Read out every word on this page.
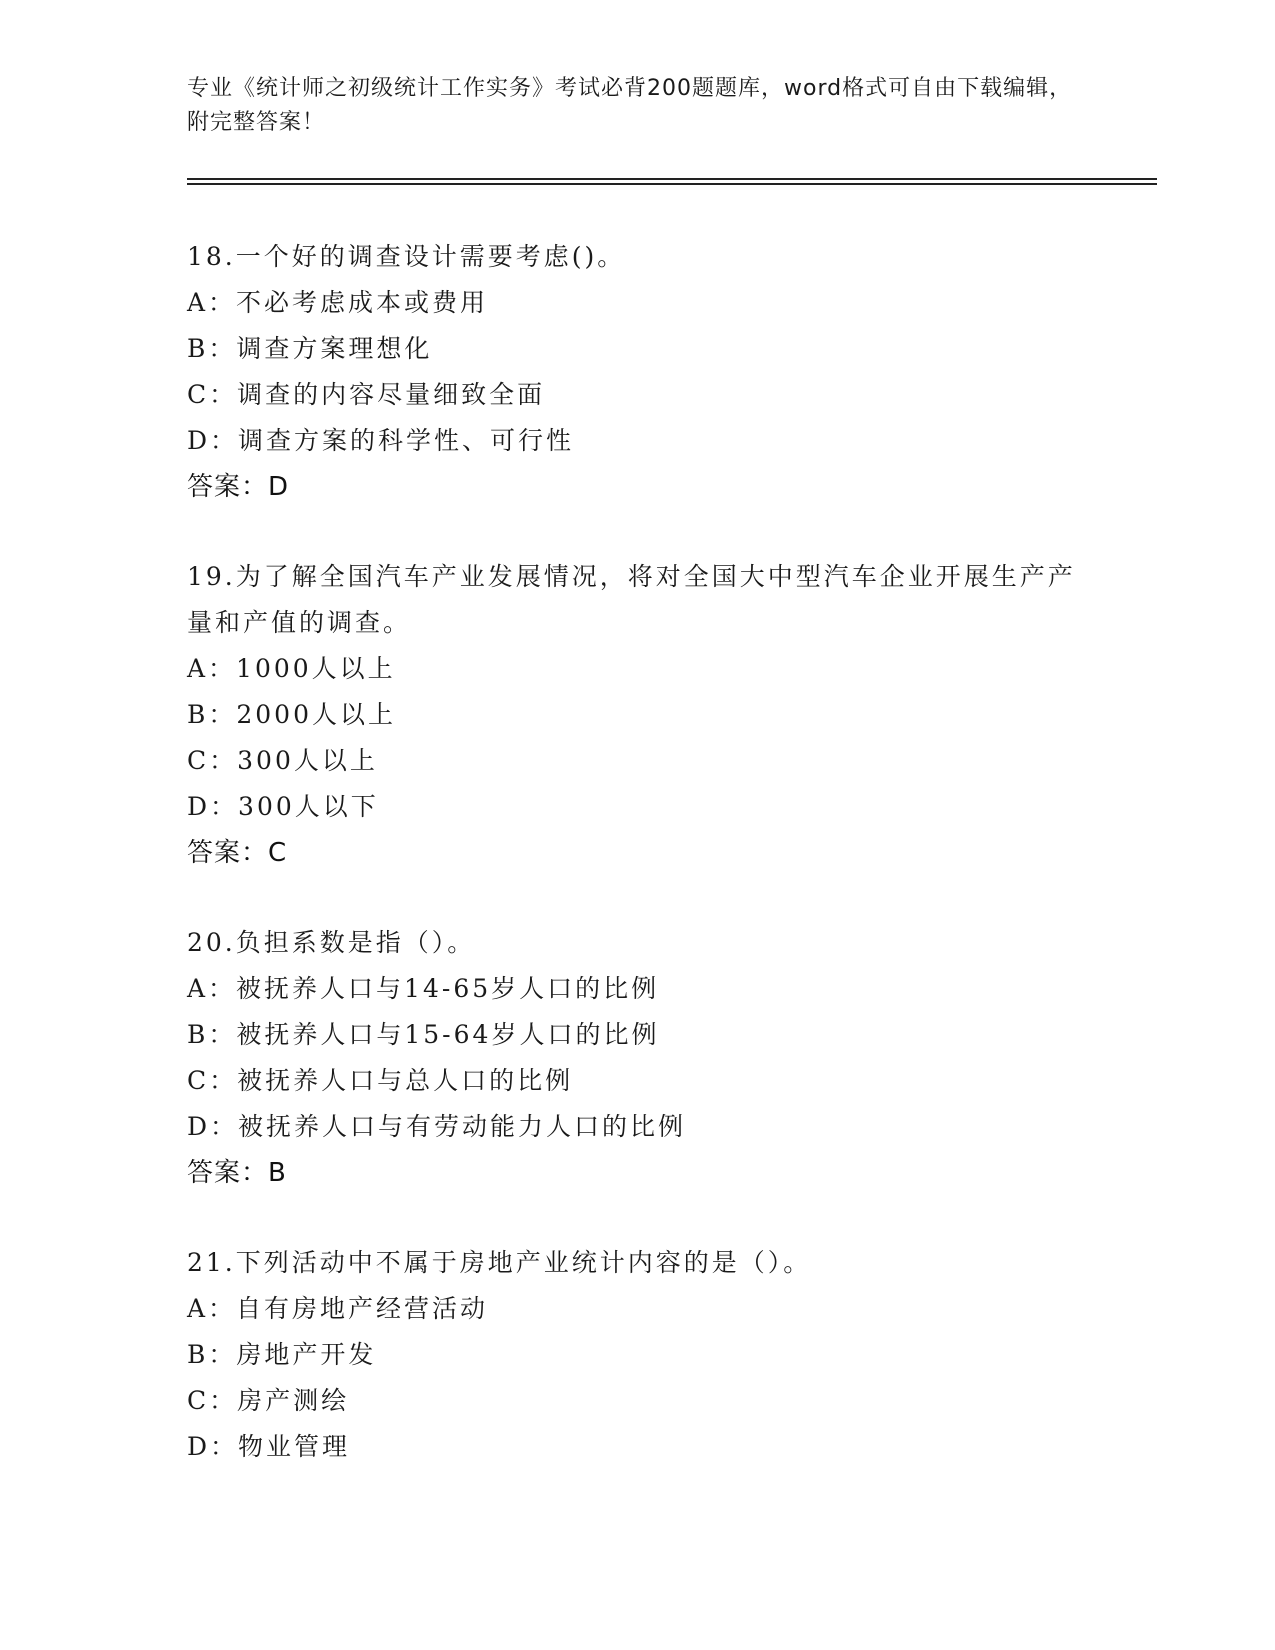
专业《统计师之初级统计工作实务》考试必背200题题库，word格式可自由下载编辑，附完整答案！
18.一个好的调查设计需要考虑()。
A：不必考虑成本或费用
B：调查方案理想化
C：调查的内容尽量细致全面
D：调查方案的科学性、可行性
答案：D
19.为了解全国汽车产业发展情况，将对全国大中型汽车企业开展生产产量和产值的调查。
A：1000人以上
B：2000人以上
C：300人以上
D：300人以下
答案：C
20.负担系数是指（）。
A：被抚养人口与14-65岁人口的比例
B：被抚养人口与15-64岁人口的比例
C：被抚养人口与总人口的比例
D：被抚养人口与有劳动能力人口的比例
答案：B
21.下列活动中不属于房地产业统计内容的是（）。
A：自有房地产经营活动
B：房地产开发
C：房产测绘
D：物业管理
